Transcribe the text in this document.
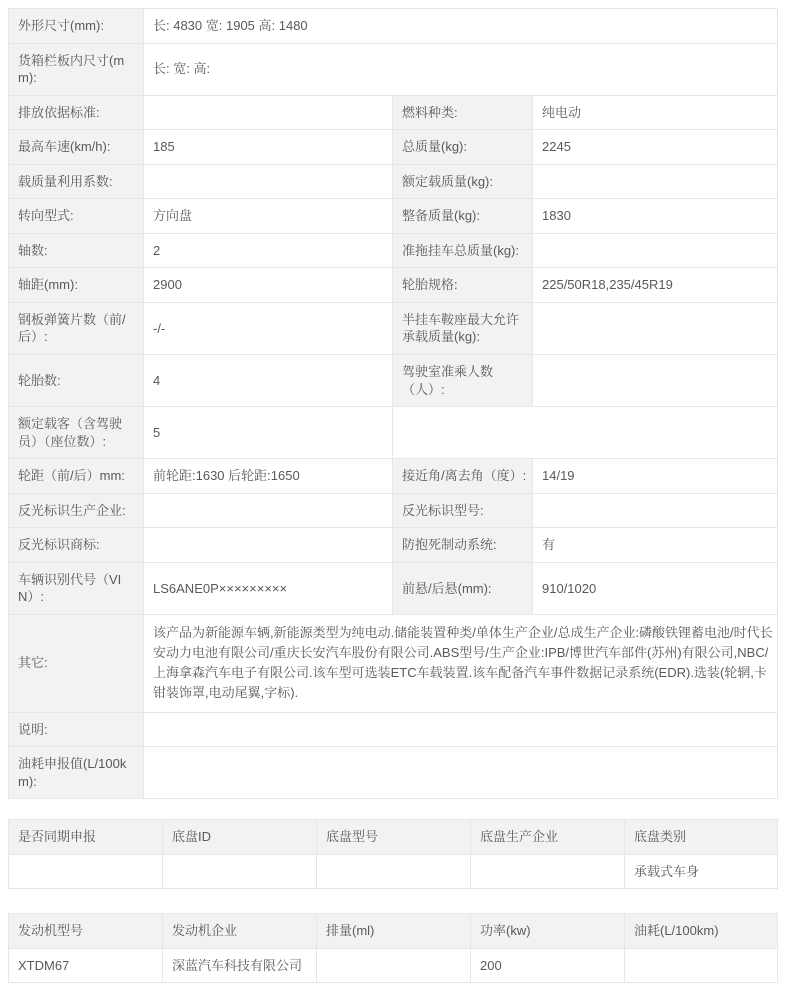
外形尺寸(mm):	长: 4830 宽: 1905 高: 1480		
货箱栏板内尺寸(mm):	长: 宽: 高:		
排放依据标准:		燃料种类:	纯电动
最高车速(km/h):	185	总质量(kg):	2245
载质量利用系数:		额定载质量(kg):	
转向型式:	方向盘	整备质量(kg):	1830
轴数:	2	准拖挂车总质量(kg):	
轴距(mm):	2900	轮胎规格:	225/50R18,235/45R19
钢板弹簧片数（前/后）:	-/-	半挂车鞍座最大允许承载质量(kg):	
轮胎数:	4	驾驶室准乘人数（人）:	
额定载客（含驾驶员）（座位数）:	5		
轮距（前/后）mm:	前轮距:1630 后轮距:1650	接近角/离去角（度）:	14/19
反光标识生产企业:		反光标识型号:	
反光标识商标:		防抱死制动系统:	有
车辆识别代号（VIN）:	LS6ANE0P×××××××××	前悬/后悬(mm):	910/1020
其它:	该产品为新能源车辆,新能源类型为纯电动.储能装置种类/单体生产企业/总成生产企业:磷酸铁锂蓄电池/时代长安动力电池有限公司/重庆长安汽车股份有限公司.ABS型号/生产企业:IPB/博世汽车部件(苏州)有限公司,NBC/上海拿森汽车电子有限公司.该车型可选装ETC车载装置.该车配备汽车事件数据记录系统(EDR).选装(轮辋,卡钳装饰罩,电动尾翼,字标).		
说明:			
油耗申报值(L/100km):			
是否同期申报	底盘ID	底盘型号	底盘生产企业	底盘类别
				承载式车身
发动机型号	发动机企业	排量(ml)	功率(kw)	油耗(L/100km)
XTDM67	深蓝汽车科技有限公司		200	
